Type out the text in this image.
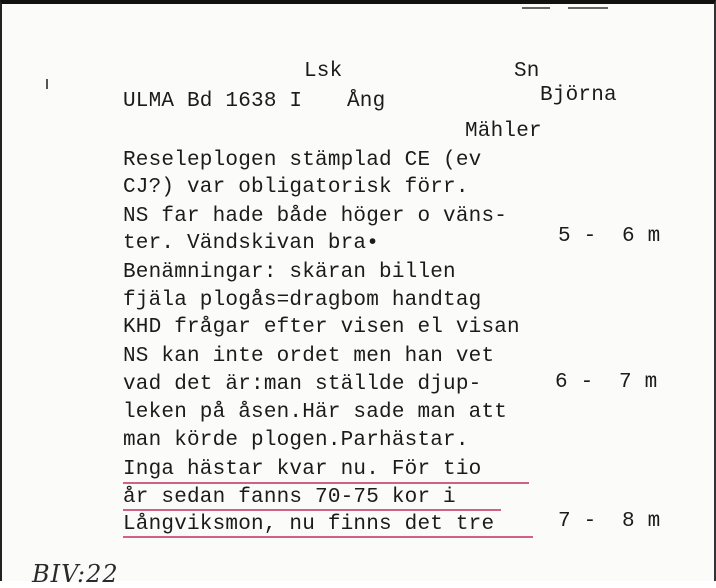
Lsk	Sn
ULMA Bd 1638 I Ång	Björna
Mähler
Reseleplogen stämplad CE (ev
CJ?) var obligatorisk förr.
NS far hade både höger o väns-
ter. Vändskivan bra•
Benämningar: skäran billen
fjäla plogås=dragbom handtag
KHD frågar efter visen el visan
NS kan inte ordet men han vet
vad det är:man ställde djup-
leken på åsen.Här sade man att
man körde plogen.Parhästar.
Inga hästar kvar nu. För tio
år sedan fanns 70-75 kor i
Långviksmon, nu finns det tre
5 -  6 m
6 -  7 m
7 -  8 m
BIV:22
